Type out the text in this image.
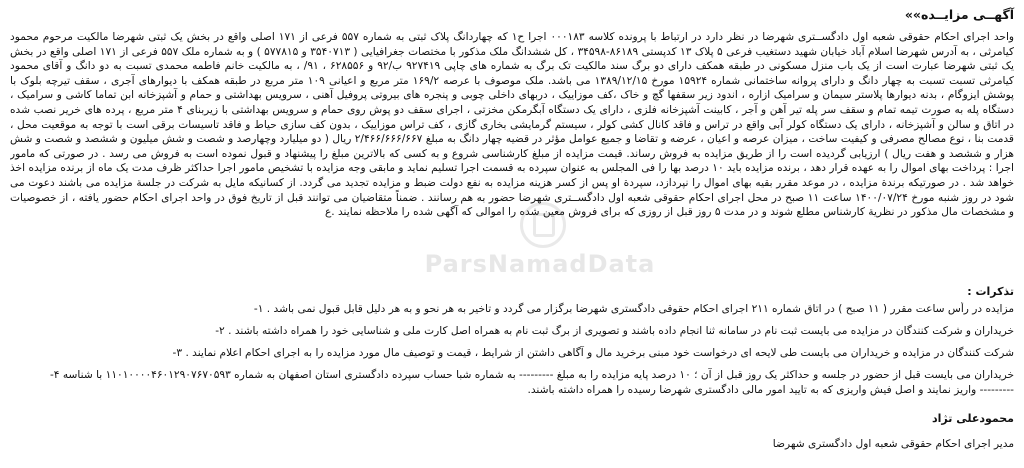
آگهــی مزایــده»»

واحد اجرای احکام حقوقی شعبه اول دادگســتری شهرضا در نظر دارد در ارتباط با پرونده کلاسه ۰۰۰۱۸۳ اجرا ح۱ که چهاردانگ پلاک ثبتی به شماره ۵۵۷ فرعی از ۱۷۱ اصلی واقع در بخش یک ثبتی شهرضا مالکیت مرحوم محمود کیامرثی ، به آدرس شهرضا اسلام آباد خیابان شهید دستغیب فرعی ۵ پلاک ۱۳ کدپستی ۸۶۱۸۹-۳۴۵۹۸ ، کل ششدانگ ملک مذکور با مختصات جغرافیایی ( ۳۵۴۰۷۱۳ و ۵۷۷۸۱۵ ) و به شماره ملک ۵۵۷ فرعی از ۱۷۱ اصلی واقع در بخش یک ثبتی شهرضا عبارت است از یک باب منزل مسکونی در طبقه همکف دارای دو برگ سند مالکیت تک برگ به شماره های چاپی ۹۲۷۴۱۹ ب/۹۲ و ۶۲۸۵۵۶ ، ۹۱/ ، به مالکیت خانم فاطمه محمدی تسبت به دو دانگ و آقای محمود کیامرثی تسبت تسبت به چهار دانگ و دارای پروانه ساختمانی شماره ۱۵۹۲۴ مورخ ۱۳۸۹/۱۲/۱۵ می باشد. ملک موصوف با عرصه ۱۶۹/۲ متر مربع و اعیانی ۱۰۹ متر مربع در طبقه همکف با دیوارهای آجری ، سقف تیرچه بلوک با پوشش ایزوگام ، بدنه دیوارها پلاستر سیمان و سرامیک ازاره ، اندود زیر سقفها گچ و خاک ،کف موزاییک ، دربهای داخلی چوبی و پنجره های بیروتی پروفیل آهنی ، سرویس بهداشتی و حمام و آشپزخانه ابن تماما کاشی و سرامیک ، دستگاه پله به صورت تیمه تمام و سقف سر پله تیر آهن و آجر ، کابینت آشپزخانه فلزی ، دارای یک دستگاه آبگرمکن مخزتی ، اجرای سقف دو پوش روی حمام و سرویس بهداشتی با زیربنای ۴ متر مربع ، پرده های خریر نصب شده در اتاق و سالن و آشپزخانه ، دارای یک دستگاه کولر آبی واقع در تراس و فاقد کانال کشی کولر ، سیستم گرمایشی بخاری گازی ، کف تراس موزاییک ، بدون کف سازی حیاط و فاقد تاسیسات برقی است با توجه به موقعیت محل ، قدمت بنا ، نوع مصالح مصرفی و کیفیت ساخت ، میزان عرصه و اعیان ، عرضه و تقاضا و جمیع عوامل مؤثر در قضیه چهار دانگ به مبلغ ۲/۴۶۶/۶۶۶/۶۶۷ ریال ( دو میلیارد وچهارصد و شصت و شش میلیون و ششصد و شصت و شش هزار و ششصد و هفت ریال ) ارزیابی گردیده است را از طریق مزایده به فروش رساند. قیمت مزایده از مبلغ کارشناسی شروع و به کسی که بالاترین مبلغ را پیشنهاد و قبول نموده است به فروش می رسد . در صورتی که مامور اجرا : پرداخت بهای اموال را به عهده قرار دهد ، برنده مزایده باید ۱۰ درصد بها را فی المجلس به عنوان سپرده به قسمت اجرا تسلیم نماید و مابقی وجه مزایده با تشخیص مامور اجرا حداکثر ظرف مدت یک ماه از برنده مزایده اخذ خواهد شد . در صورتیکه برندة مزایده ، در موعد مقرر بقیه بهای اموال را نپردازد، سپردة او پس از کسر هزینه مزایده به نفع دولت ضبط و مزایده تجدید می گردد. از کسانیکه مایل به شرکت در جلسة مزایده می باشند دعوت می شود در روز شنبه مورخ ۱۴۰۰/۰۷/۲۴ ساعت ۱۱ صبح در محل اجرای احکام حقوقی شعبه اول دادگســتری شهرضا حضور به هم رسانند . ضمناً متقاضیان می توانند قبل از تاریخ فوق در واحد اجرای احکام حضور یافته ، از خصوصیات و مشخصات مال مذکور در نظریة کارشناس مطلع شوند و در مدت ۵ روز قبل از روزی که برای فروش معین شده را اموالی که آگهی شده را ملاحظه نمایند .ع

تذکرات :
مزایده در رأس ساعت مقرر ( ۱۱ صبح ) در اتاق شماره ۲۱۱ اجرای احکام حقوقی دادگستری شهرضا برگزار می گردد و تاخیر به هر نحو و به هر دلیل قابل قبول نمی باشد . ۱-
خریداران و شرکت کنندگان در مزایده می بایست ثبت نام در سامانه ثنا انجام داده باشند و تصویری از برگ ثبت نام به همراه اصل کارت ملی و شناسایی خود را همراه داشته باشند . ۲-
شرکت کنندگان در مزایده و خریداران می بایست طی لایحه ای درخواست خود مبنی برخرید مال و آگاهی داشتن از شرایط ، قیمت و توصیف مال مورد مزایده را به اجرای احکام اعلام نمایند . ۳-
خریداران می بایست قبل از حضور در جلسه و حداکثر یک روز قبل از آن ؛ ۱۰ درصد پایه مزایده را به مبلغ --------- به شماره شبا حساب سپرده دادگستری استان اصفهان به شماره ۱۱۰۱۰۰۰۰۴۶۰۱۲۹۰۷۶۷۰۵۹۳ با شناسه ۴-
--------- واریز نمایند و اصل فیش واریزی که به تایید امور مالی دادگستری شهرضا رسیده را همراه داشته باشند.
محمودعلی تژاد
مدیر اجرای احکام حقوقی شعبه اول دادگستری شهرضا
ParsNamadData
